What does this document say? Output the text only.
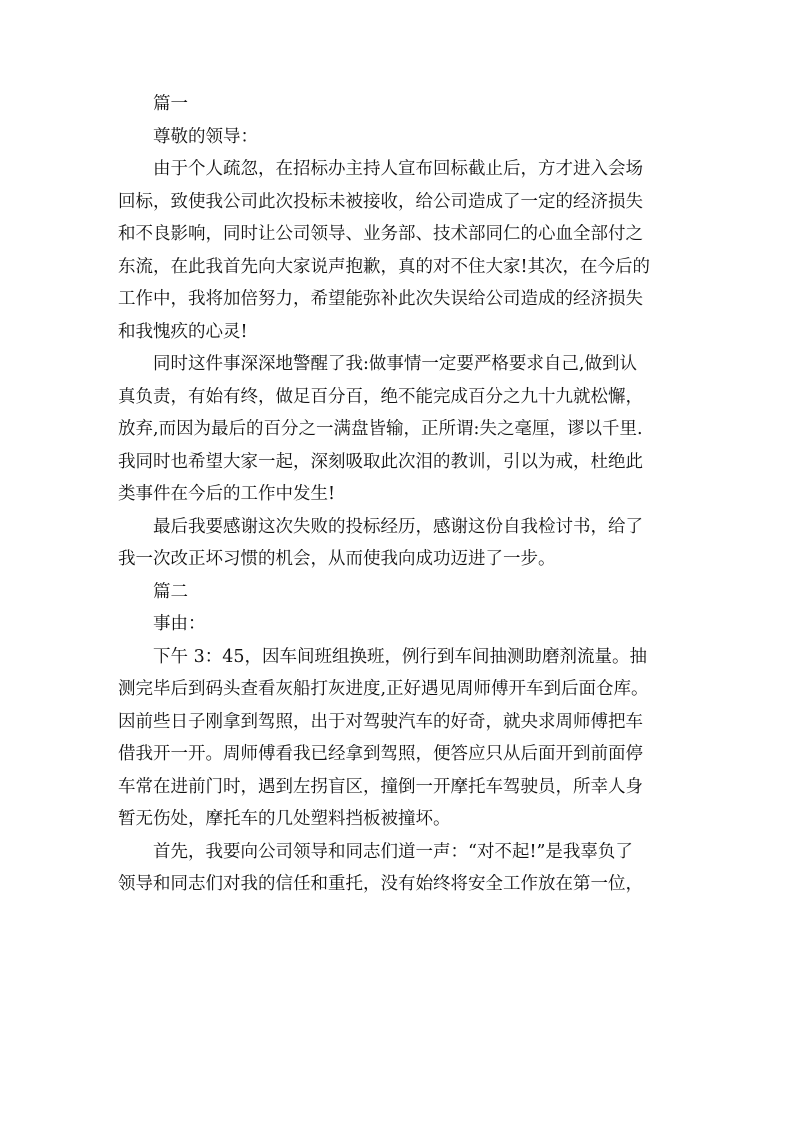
篇一
尊敬的领导：
由于个人疏忽，在招标办主持人宣布回标截止后，方才进入会场
回标，致使我公司此次投标未被接收，给公司造成了一定的经济损失
和不良影响，同时让公司领导、业务部、技术部同仁的心血全部付之
东流，在此我首先向大家说声抱歉，真的对不住大家!其次，在今后的
工作中，我将加倍努力，希望能弥补此次失误给公司造成的经济损失
和我愧疚的心灵!
同时这件事深深地警醒了我:做事情一定要严格要求自己,做到认
真负责，有始有终，做足百分百，绝不能完成百分之九十九就松懈，
放弃,而因为最后的百分之一满盘皆输，正所谓:失之毫厘，谬以千里.
我同时也希望大家一起，深刻吸取此次泪的教训，引以为戒，杜绝此
类事件在今后的工作中发生!
最后我要感谢这次失败的投标经历，感谢这份自我检讨书，给了
我一次改正坏习惯的机会，从而使我向成功迈进了一步。
篇二
事由：
下午 3：45，因车间班组换班，例行到车间抽测助磨剂流量。抽
测完毕后到码头查看灰船打灰进度,正好遇见周师傅开车到后面仓库。
因前些日子刚拿到驾照，出于对驾驶汽车的好奇，就央求周师傅把车
借我开一开。周师傅看我已经拿到驾照，便答应只从后面开到前面停
车常在进前门时，遇到左拐盲区，撞倒一开摩托车驾驶员，所幸人身
暂无伤处，摩托车的几处塑料挡板被撞坏。
首先，我要向公司领导和同志们道一声：“对不起!”是我辜负了
领导和同志们对我的信任和重托，没有始终将安全工作放在第一位，
